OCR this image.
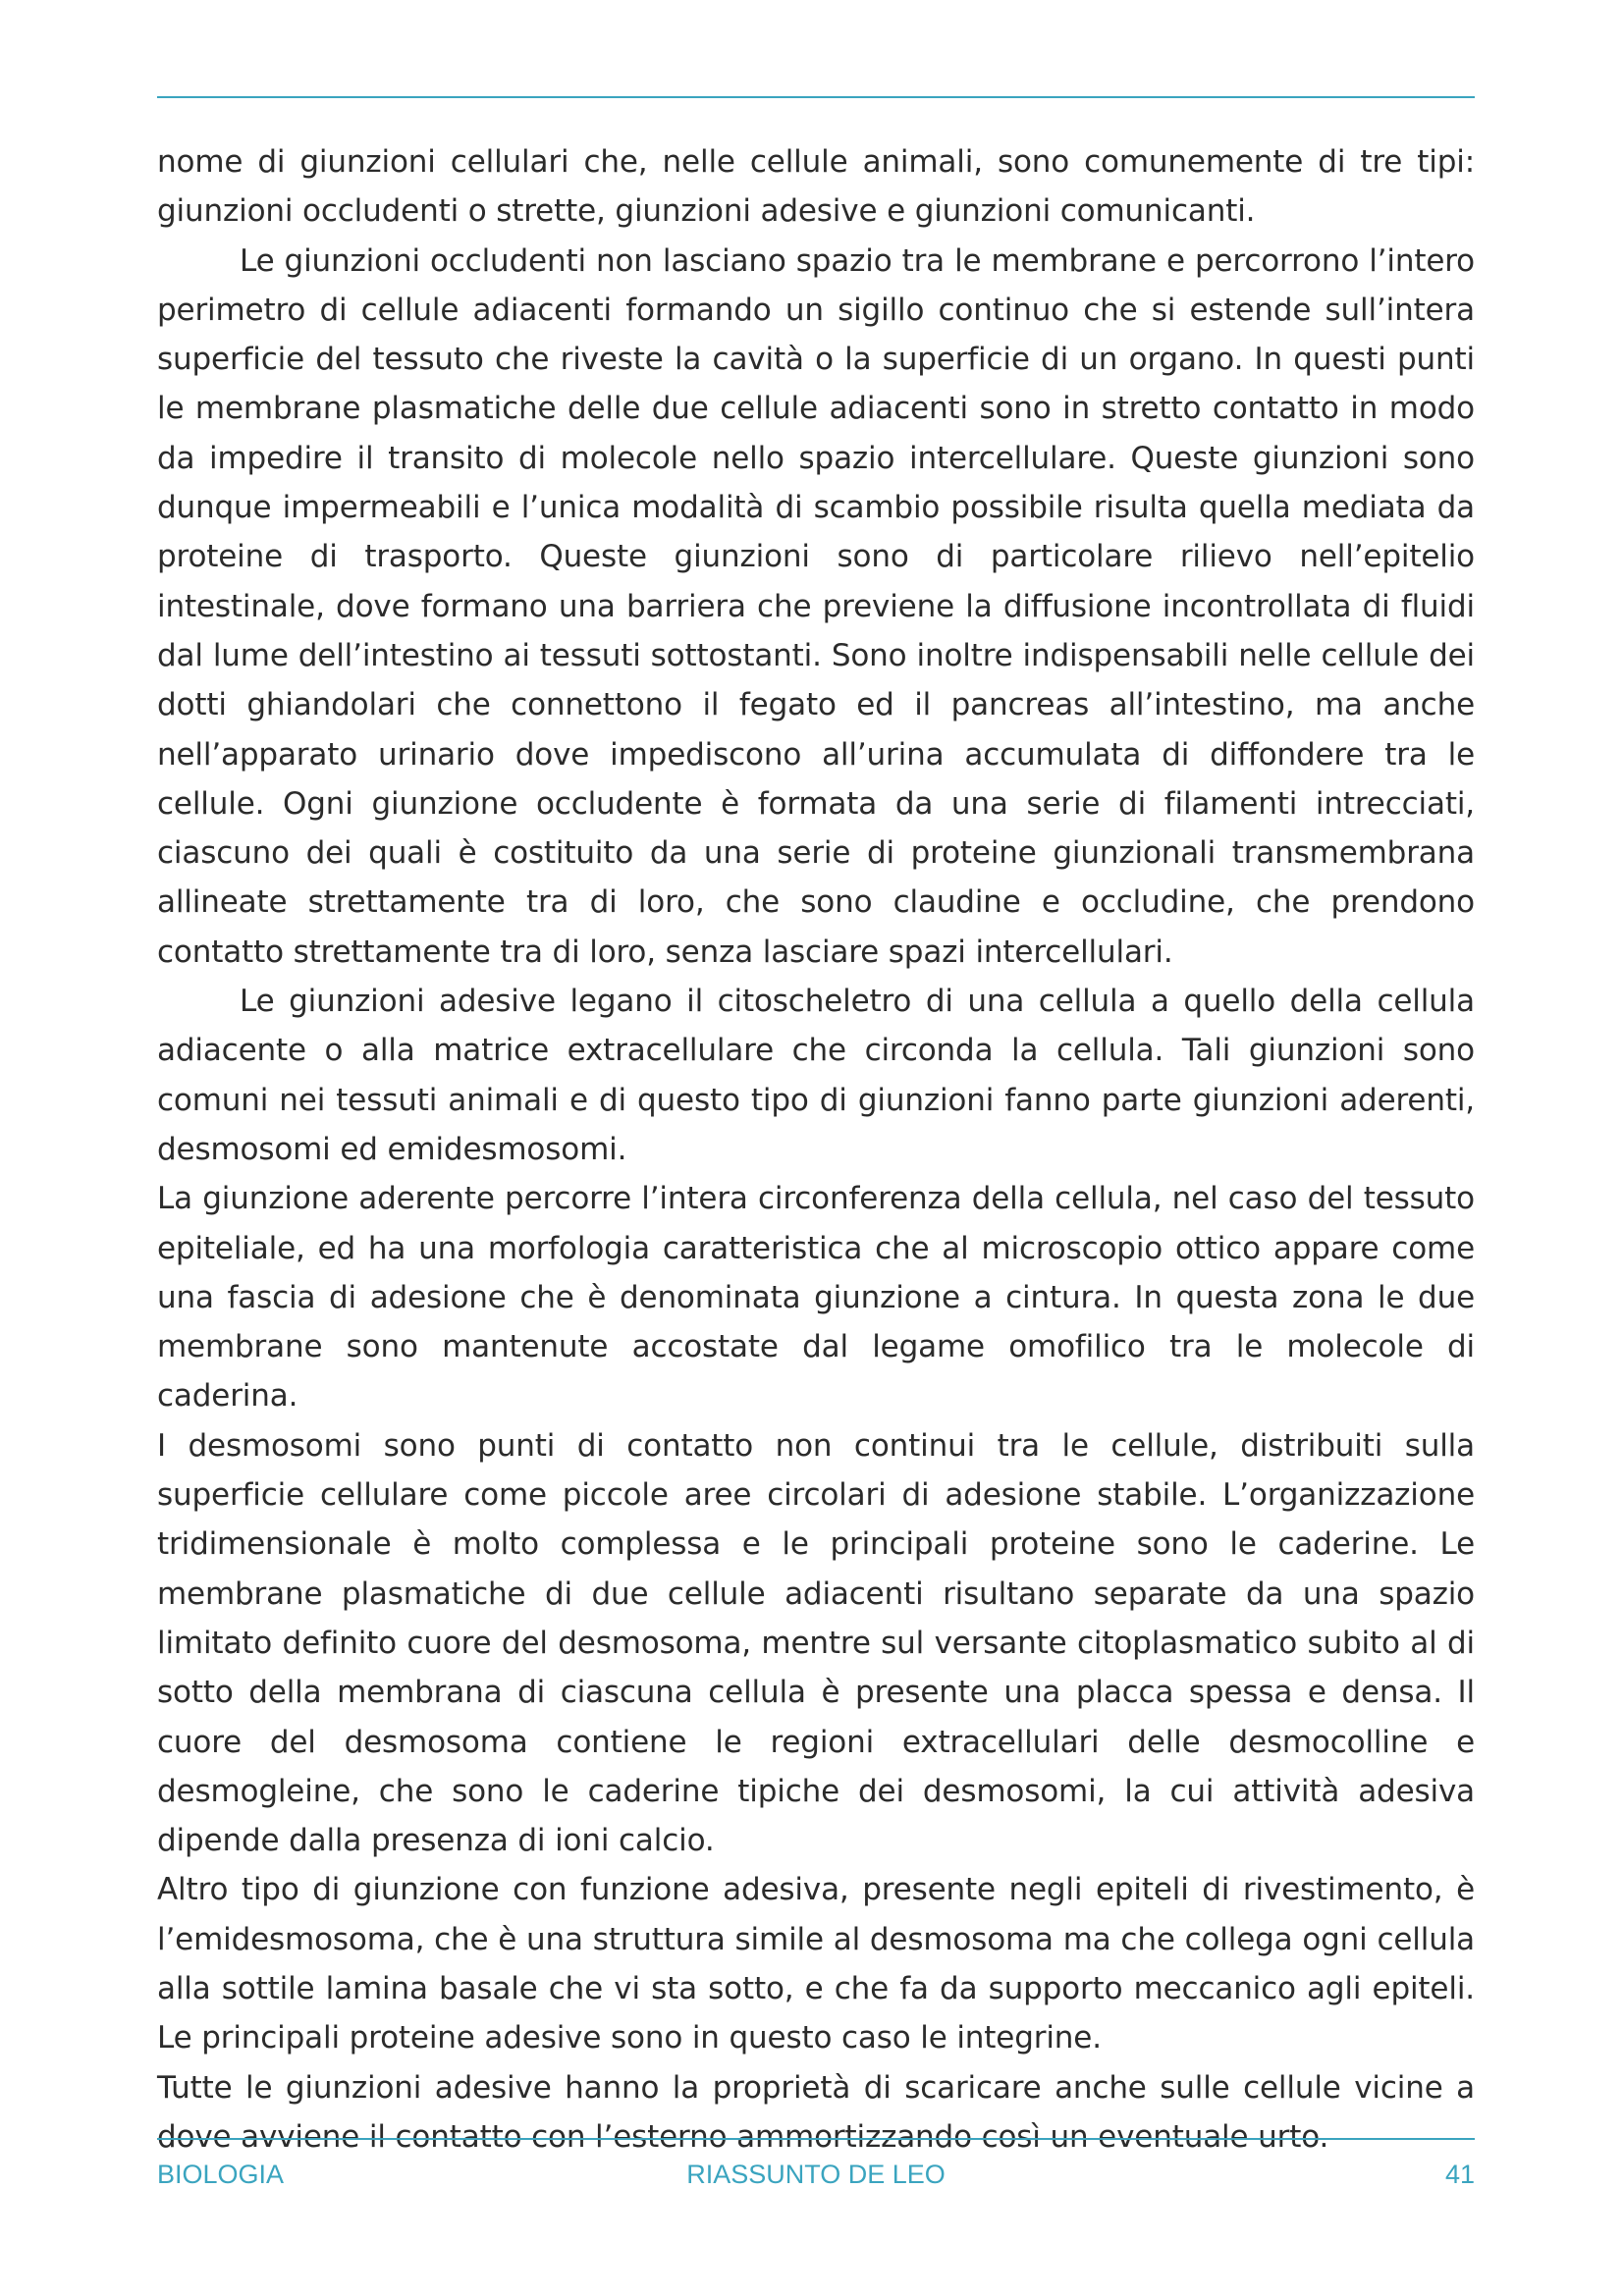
nome di giunzioni cellulari che, nelle cellule animali, sono comunemente di tre tipi: giunzioni occludenti o strette, giunzioni adesive e giunzioni comunicanti.

Le giunzioni occludenti non lasciano spazio tra le membrane e percorrono l’intero perimetro di cellule adiacenti formando un sigillo continuo che si estende sull’intera superficie del tessuto che riveste la cavità o la superficie di un organo. In questi punti le membrane plasmatiche delle due cellule adiacenti sono in stretto contatto in modo da impedire il transito di molecole nello spazio intercellulare. Queste giunzioni sono dunque impermeabili e l’unica modalità di scambio possibile risulta quella mediata da proteine di trasporto. Queste giunzioni sono di particolare rilievo nell’epitelio intestinale, dove formano una barriera che previene la diffusione incontrollata di fluidi dal lume dell’intestino ai tessuti sottostanti. Sono inoltre indispensabili nelle cellule dei dotti ghiandolari che connettono il fegato ed il pancreas all’intestino, ma anche nell’apparato urinario dove impediscono all’urina accumulata di diffondere tra le cellule. Ogni giunzione occludente è formata da una serie di filamenti intrecciati, ciascuno dei quali è costituito da una serie di proteine giunzionali transmembrana allineate strettamente tra di loro, che sono claudine e occludine, che prendono contatto strettamente tra di loro, senza lasciare spazi intercellulari.

Le giunzioni adesive legano il citoscheletro di una cellula a quello della cellula adiacente o alla matrice extracellulare che circonda la cellula. Tali giunzioni sono comuni nei tessuti animali e di questo tipo di giunzioni fanno parte giunzioni aderenti, desmosomi ed emidesmosomi.

La giunzione aderente percorre l’intera circonferenza della cellula, nel caso del tessuto epiteliale, ed ha una morfologia caratteristica che al microscopio ottico appare come una fascia di adesione che è denominata giunzione a cintura. In questa zona le due membrane sono mantenute accostate dal legame omofilico tra le molecole di caderina.

I desmosomi sono punti di contatto non continui tra le cellule, distribuiti sulla superficie cellulare come piccole aree circolari di adesione stabile. L’organizzazione tridimensionale è molto complessa e le principali proteine sono le caderine. Le membrane plasmatiche di due cellule adiacenti risultano separate da una spazio limitato definito cuore del desmosoma, mentre sul versante citoplasmatico subito al di sotto della membrana di ciascuna cellula è presente una placca spessa e densa. Il cuore del desmosoma contiene le regioni extracellulari delle desmocolline e desmogleine, che sono le caderine tipiche dei desmosomi, la cui attività adesiva dipende dalla presenza di ioni calcio.

Altro tipo di giunzione con funzione adesiva, presente negli epiteli di rivestimento, è l’emidesmosoma, che è una struttura simile al desmosoma ma che collega ogni cellula alla sottile lamina basale che vi sta sotto, e che fa da supporto meccanico agli epiteli. Le principali proteine adesive sono in questo caso le integrine.

Tutte le giunzioni adesive hanno la proprietà di scaricare anche sulle cellule vicine a dove avviene il contatto con l’esterno ammortizzando così un eventuale urto.

BIOLOGIA	RIASSUNTO DE LEO	41
